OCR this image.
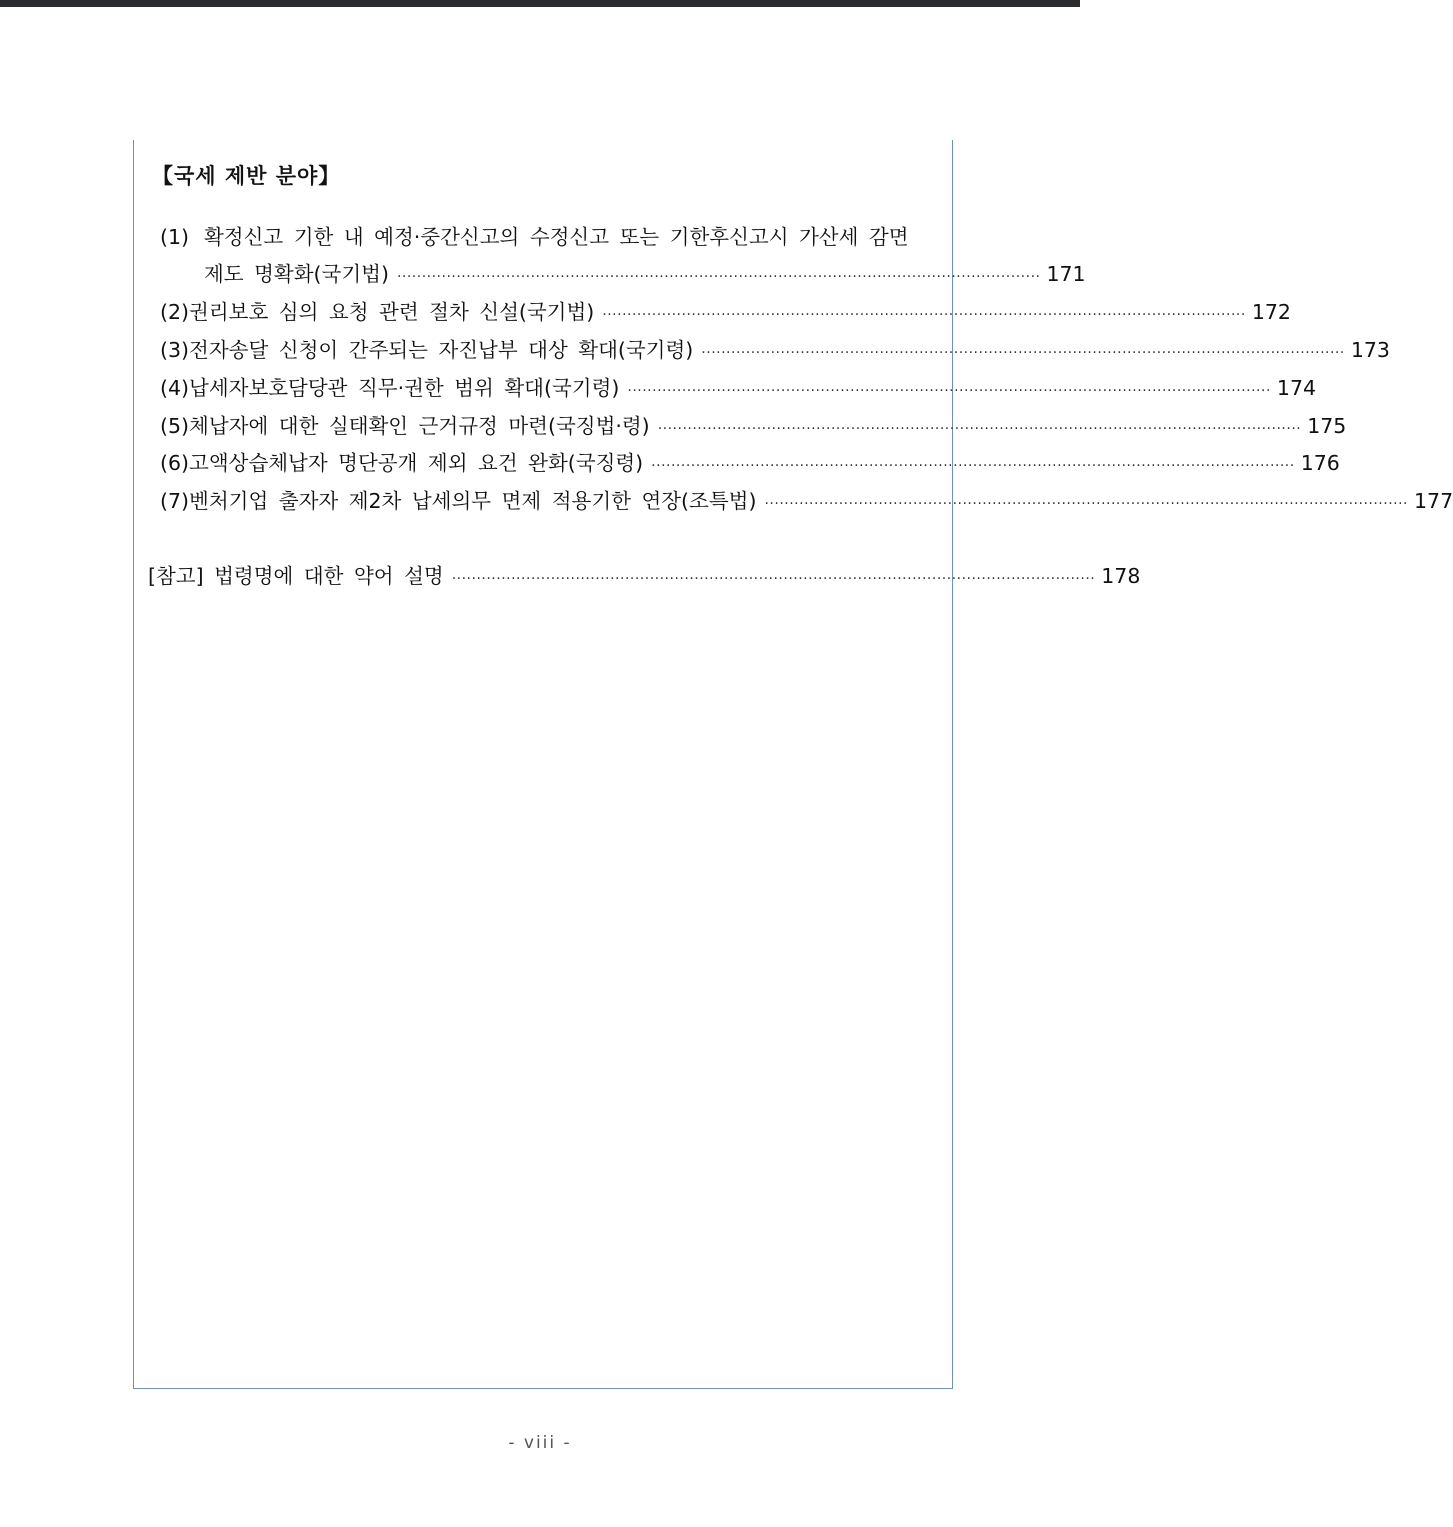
【국세 제반 분야】
(1) 확정신고 기한 내 예정·중간신고의 수정신고 또는 기한후신고시 가산세 감면
제도 명확화(국기법) ·································································································································· 171
(2) 권리보호 심의 요청 관련 절차 신설(국기법) ·································································································································· 172
(3) 전자송달 신청이 간주되는 자진납부 대상 확대(국기령) ·································································································································· 173
(4) 납세자보호담당관 직무·권한 범위 확대(국기령) ·································································································································· 174
(5) 체납자에 대한 실태확인 근거규정 마련(국징법·령) ·································································································································· 175
(6) 고액상습체납자 명단공개 제외 요건 완화(국징령) ·································································································································· 176
(7) 벤처기업 출자자 제2차 납세의무 면제 적용기한 연장(조특법) ·································································································································· 177
[참고] 법령명에 대한 약어 설명 ·································································································································· 178
- viii -
